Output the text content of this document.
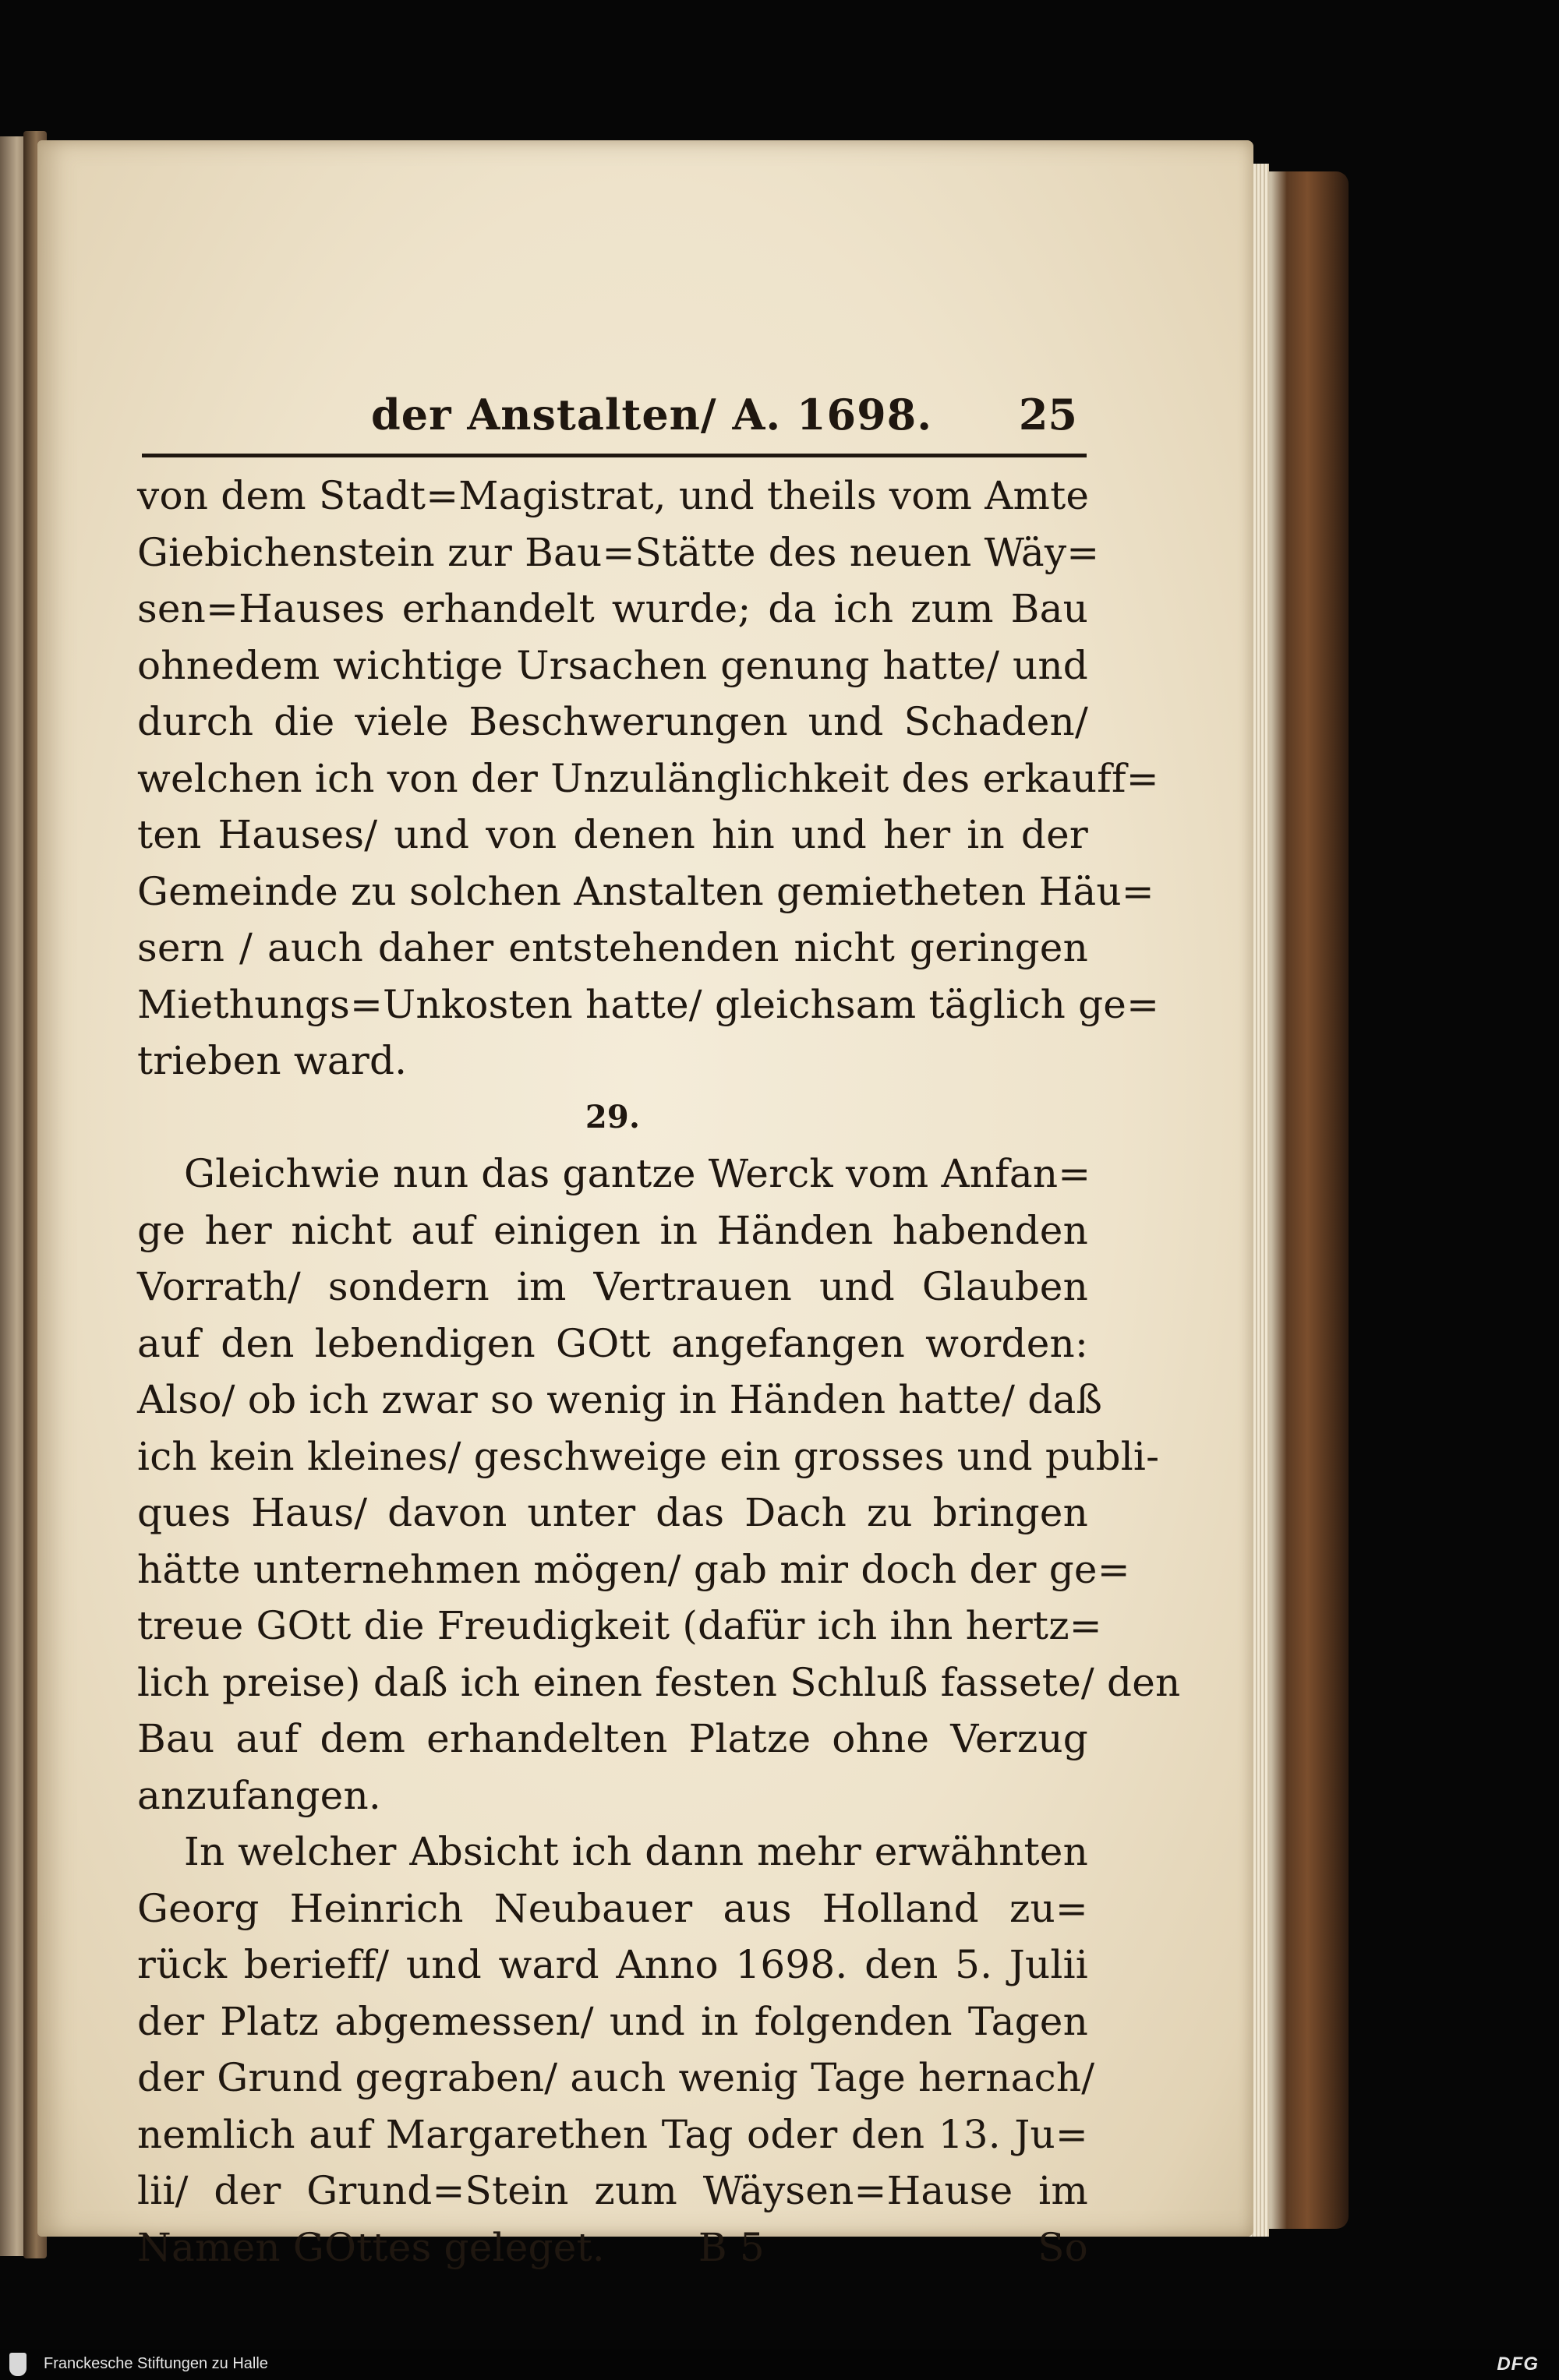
der Anstalten/ A. 1698. 25
von dem Stadt=Magistrat, und theils vom Amte
Giebichenstein zur Bau=Stätte des neuen Wäy=
sen=Hauses erhandelt wurde; da ich zum Bau
ohnedem wichtige Ursachen genung hatte/ und
durch die viele Beschwerungen und Schaden/
welchen ich von der Unzulänglichkeit des erkauff=
ten Hauses/ und von denen hin und her in der
Gemeinde zu solchen Anstalten gemietheten Häu=
sern / auch daher entstehenden nicht geringen
Miethungs=Unkosten hatte/ gleichsam täglich ge=
trieben ward.
29.
Gleichwie nun das gantze Werck vom Anfan=
ge her nicht auf einigen in Händen habenden
Vorrath/ sondern im Vertrauen und Glauben
auf den lebendigen GOtt angefangen worden:
Also/ ob ich zwar so wenig in Händen hatte/ daß
ich kein kleines/ geschweige ein grosses und publi-
ques Haus/ davon unter das Dach zu bringen
hätte unternehmen mögen/ gab mir doch der ge=
treue GOtt die Freudigkeit (dafür ich ihn hertz=
lich preise) daß ich einen festen Schluß fassete/ den
Bau auf dem erhandelten Platze ohne Verzug
anzufangen.
In welcher Absicht ich dann mehr erwähnten
Georg Heinrich Neubauer aus Holland zu=
rück berieff/ und ward Anno 1698. den 5. Julii
der Platz abgemessen/ und in folgenden Tagen
der Grund gegraben/ auch wenig Tage hernach/
nemlich auf Margarethen Tag oder den 13. Ju=
lii/ der Grund=Stein zum Wäysen=Hause im
Namen GOttes geleget. B 5	So
Franckesche Stiftungen zu Halle	DFG
